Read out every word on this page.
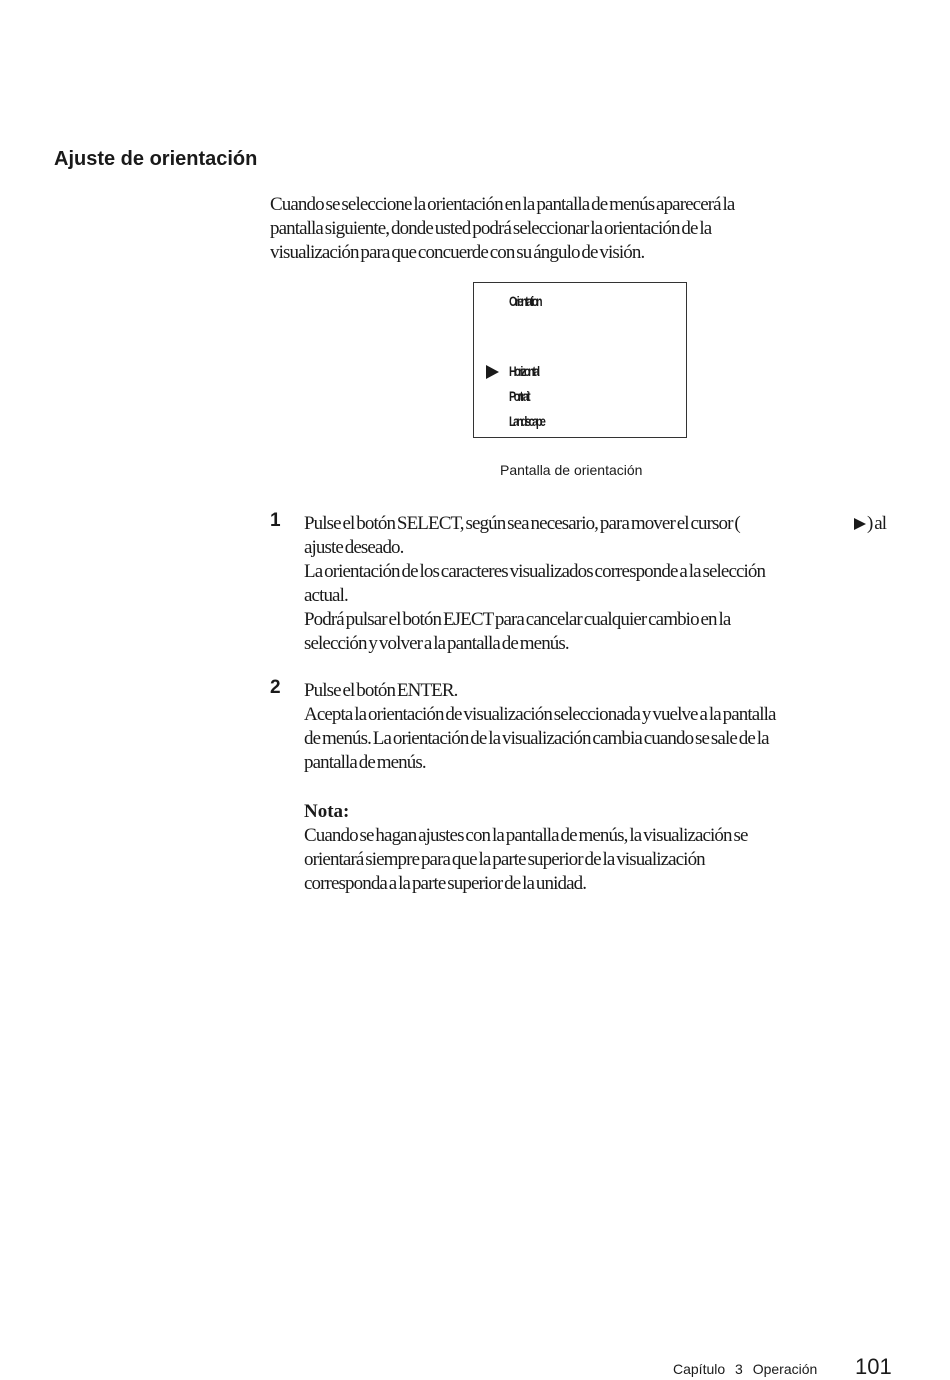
Ajuste de orientación

Cuando se seleccione la orientación en la pantalla de menús aparecerá la

pantalla siguiente, donde usted podrá seleccionar la orientación de la

visualización para que concuerde con su ángulo de visión.

Orientation
Horizontal
Portrait
Landscape

Pantalla de orientación

1 Pulse el botón SELECT, según sea necesario, para mover el cursor (

ajuste deseado.

La orientación de los caracteres visualizados corresponde a la selección

actual.

Podrá pulsar el botón EJECT para cancelar cualquier cambio en la

selección y volver a la pantalla de menús.

) al
2 Pulse el botón ENTER.

Acepta la orientación de visualización seleccionada y vuelve a la pantalla

de menús. La orientación de la visualización cambia cuando se sale de la

pantalla de menús.

Nota:

Cuando se hagan ajustes con la pantalla de menús, la visualización se

orientará siempre para que la parte superior de la visualización

corresponda a la parte superior de la unidad.

Capítulo 3 Operación 101
